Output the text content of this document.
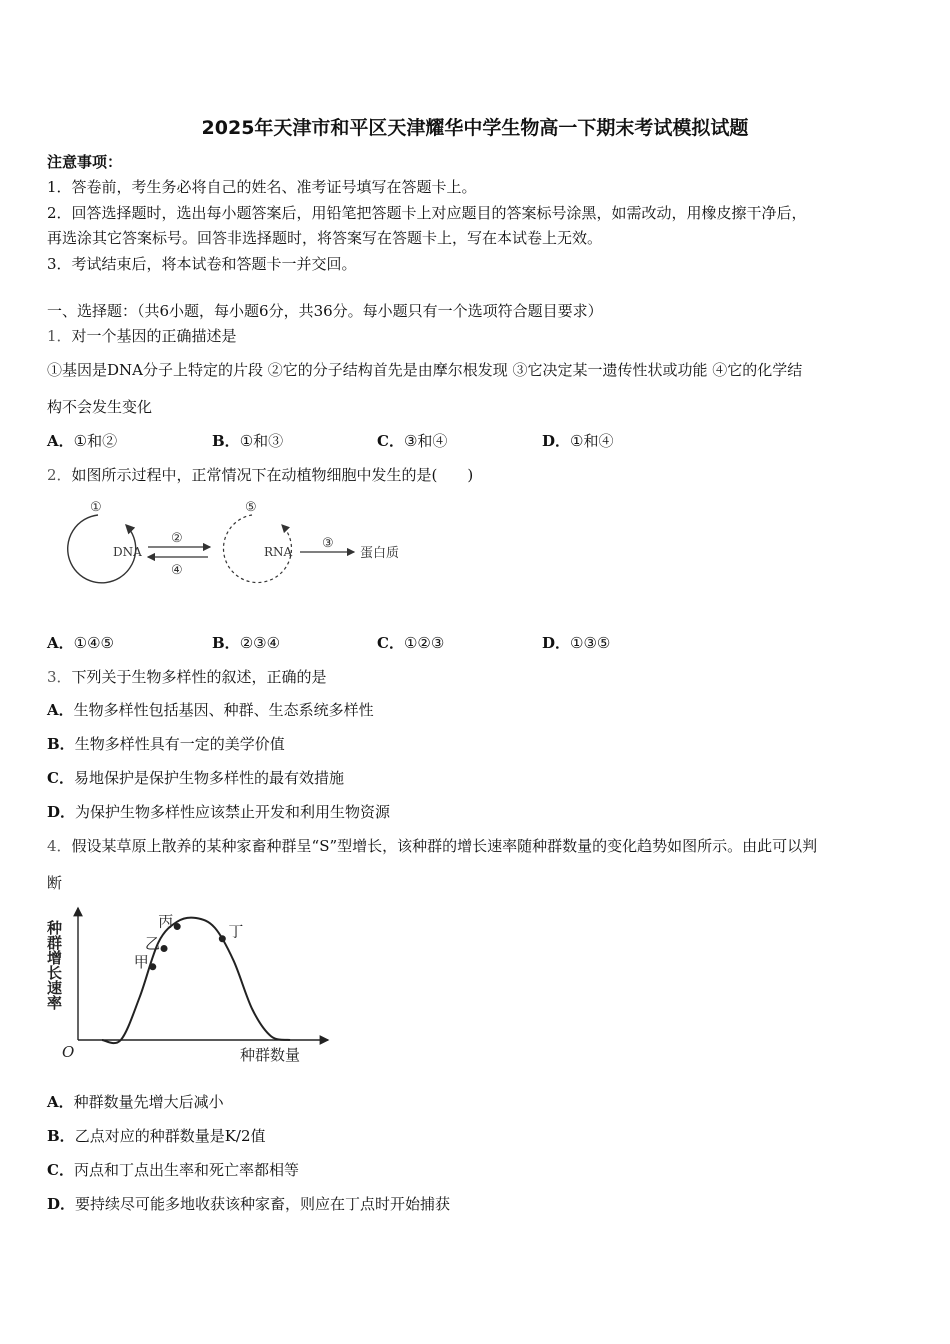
2025年天津市和平区天津耀华中学生物高一下期末考试模拟试题
注意事项：
1．答卷前，考生务必将自己的姓名、准考证号填写在答题卡上。
2．回答选择题时，选出每小题答案后，用铅笔把答题卡上对应题目的答案标号涂黑，如需改动，用橡皮擦干净后，
再选涂其它答案标号。回答非选择题时，将答案写在答题卡上，写在本试卷上无效。
3．考试结束后，将本试卷和答题卡一并交回。
一、选择题：（共6小题，每小题6分，共36分。每小题只有一个选项符合题目要求）
1．对一个基因的正确描述是
①基因是DNA分子上特定的片段 ②它的分子结构首先是由摩尔根发现 ③它决定某一遗传性状或功能 ④它的化学结
构不会发生变化
A．①和②	B．①和③	C．③和④	D．①和④
2．如图所示过程中，正常情况下在动植物细胞中发生的是(　　)
①
DNA
②
④
⑤
RNA
③
蛋白质
A．①④⑤	B．②③④	C．①②③	D．①③⑤
3．下列关于生物多样性的叙述，正确的是
A．生物多样性包括基因、种群、生态系统多样性
B．生物多样性具有一定的美学价值
C．易地保护是保护生物多样性的最有效措施
D．为保护生物多样性应该禁止开发和利用生物资源
4．假设某草原上散养的某种家畜种群呈“S”型增长，该种群的增长速率随种群数量的变化趋势如图所示。由此可以判
断
种群增长速率
种群数量
O
甲
乙
丙
丁
A．种群数量先增大后减小
B．乙点对应的种群数量是K/2值
C．丙点和丁点出生率和死亡率都相等
D．要持续尽可能多地收获该种家畜，则应在丁点时开始捕获
